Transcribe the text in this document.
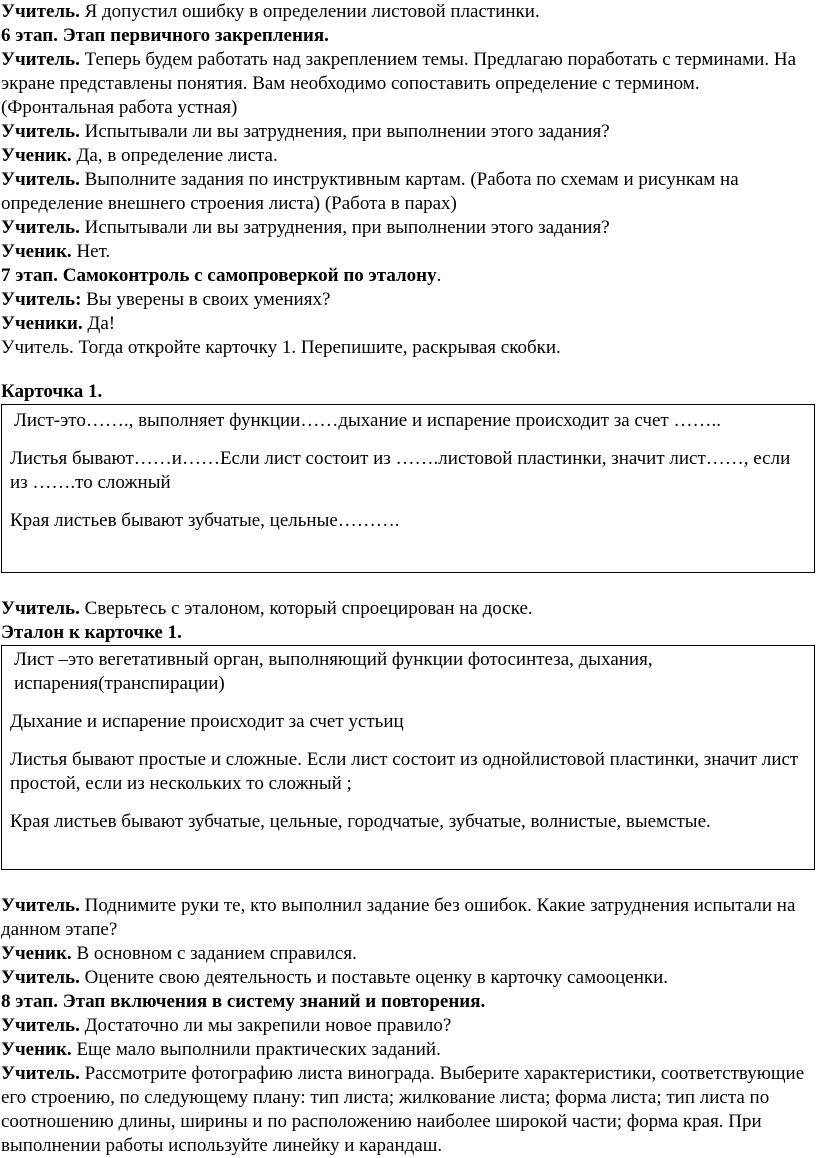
Учитель. Я допустил ошибку в определении листовой пластинки.

6 этап. Этап первичного закрепления.

Учитель. Теперь будем работать над закреплением темы. Предлагаю поработать с терминами. На экране представлены понятия. Вам необходимо сопоставить определение с термином. (Фронтальная работа устная)

Учитель. Испытывали ли вы затруднения, при выполнении этого задания?

Ученик. Да, в определение листа.

Учитель. Выполните задания по инструктивным картам. (Работа по схемам и рисункам на определение внешнего строения листа) (Работа в парах)

Учитель. Испытывали ли вы затруднения, при выполнении этого задания?

Ученик. Нет.

7 этап. Самоконтроль с самопроверкой по эталону.

Учитель: Вы уверены в своих умениях?

Ученики. Да!

Учитель. Тогда откройте карточку 1. Перепишите, раскрывая скобки.

Карточка 1.

Лист-это……., выполняет функции……дыхание и испарение происходит за счет ……..

Листья бывают……и……Если лист состоит из …….листовой пластинки, значит лист……, если из …….то сложный

Края листьев бывают зубчатые, цельные……….

Учитель. Сверьтесь с эталоном, который спроецирован на доске.

Эталон к карточке 1.

Лист –это вегетативный орган, выполняющий функции фотосинтеза, дыхания, испарения(транспирации)

Дыхание и испарение происходит за счет устьиц

Листья бывают простые и сложные. Если лист состоит из однойлистовой пластинки, значит лист простой, если из нескольких то сложный ;

Края листьев бывают зубчатые, цельные, городчатые, зубчатые, волнистые, выемстые.

Учитель. Поднимите руки те, кто выполнил задание без ошибок. Какие затруднения испытали на данном этапе?

Ученик. В основном с заданием справился.

Учитель. Оцените свою деятельность и поставьте оценку в карточку самооценки.

8 этап. Этап включения в систему знаний и повторения.

Учитель. Достаточно ли мы закрепили новое правило?

Ученик. Еще мало выполнили практических заданий.

Учитель. Рассмотрите фотографию листа винограда. Выберите характеристики, соответствующие его строению, по следующему плану: тип листа; жилкование листа; форма листа; тип листа по соотношению длины, ширины и по расположению наиболее широкой части; форма края. При выполнении работы используйте линейку и карандаш.
